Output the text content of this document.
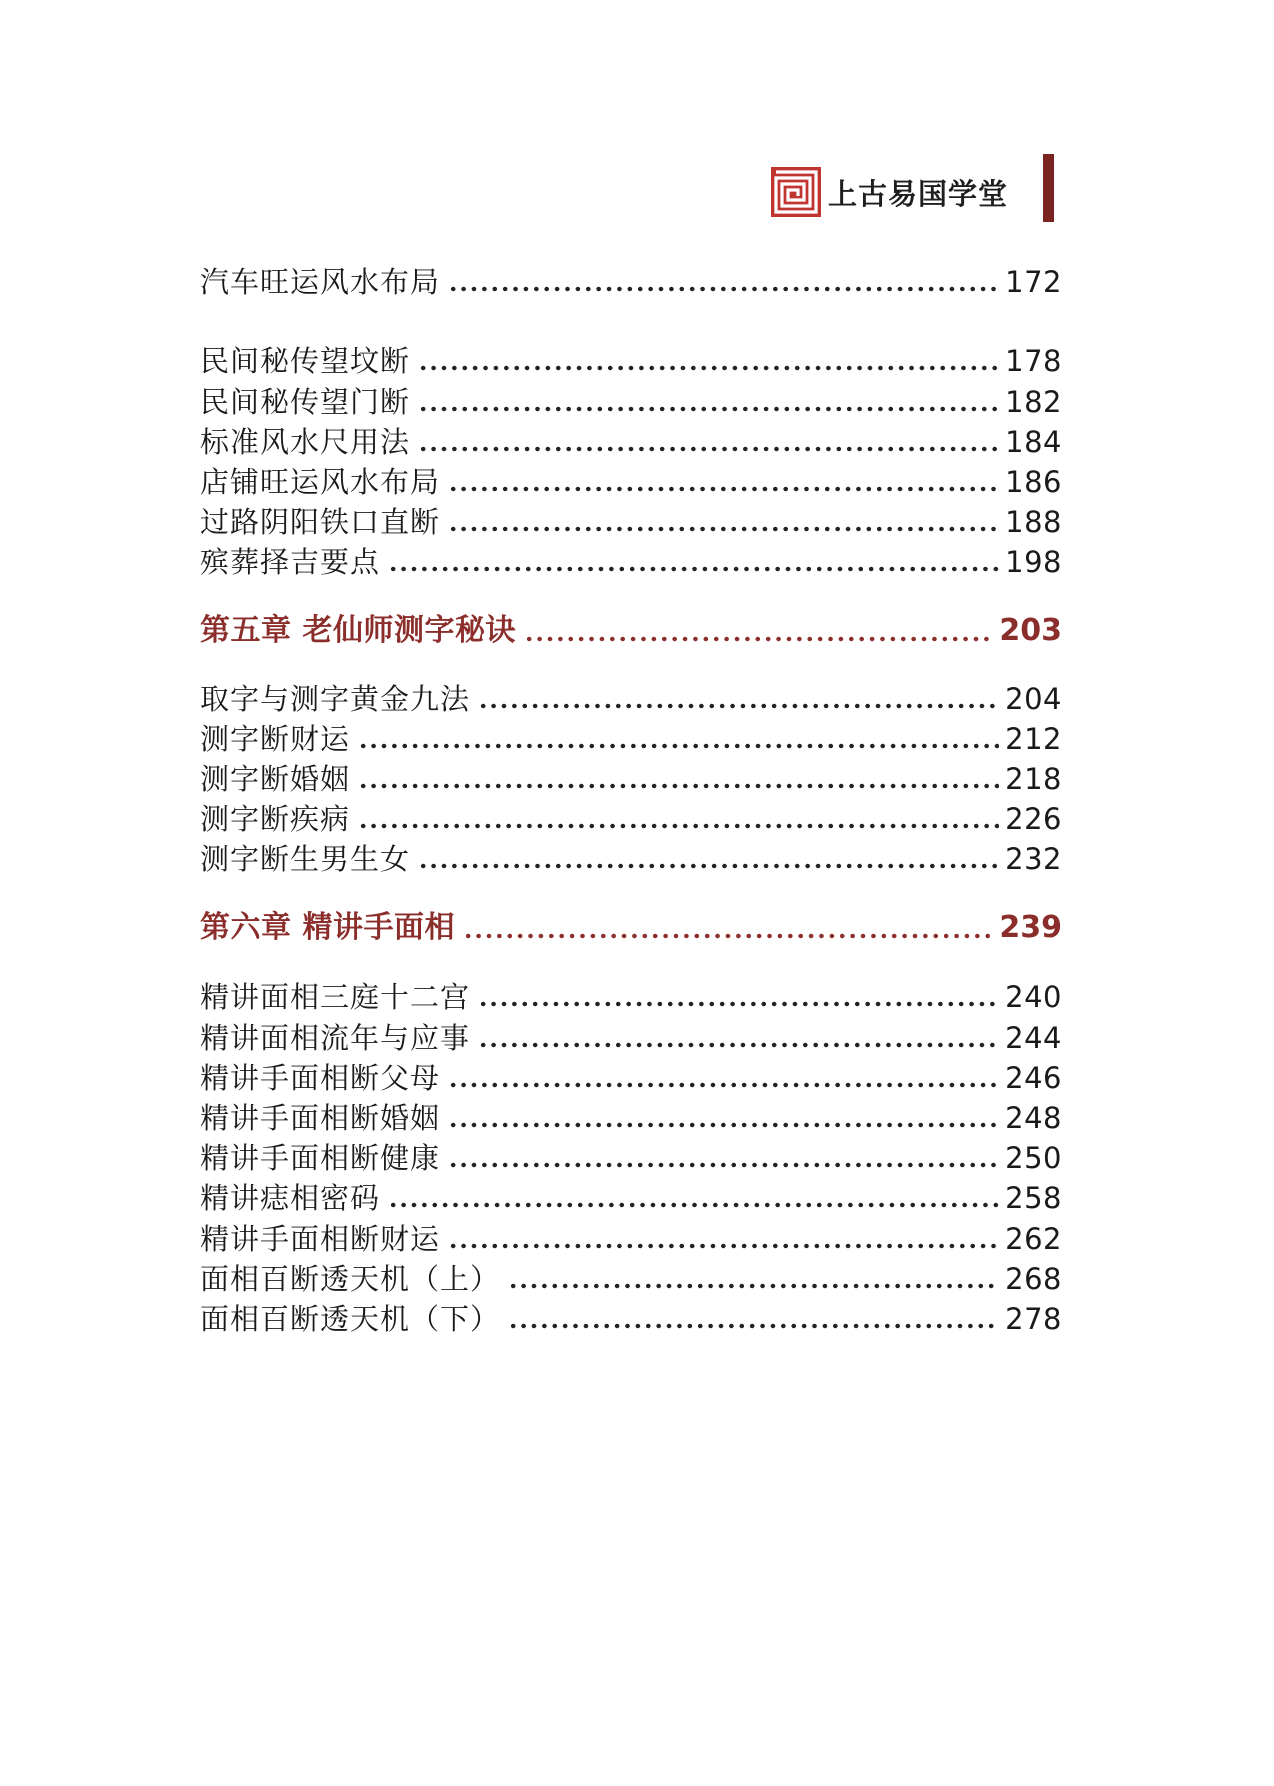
上古易国学堂
汽车旺运风水布局	172
民间秘传望坟断	178
民间秘传望门断	182
标准风水尺用法	184
店铺旺运风水布局	186
过路阴阳铁口直断	188
殡葬择吉要点	198
第五章 老仙师测字秘诀	203
取字与测字黄金九法	204
测字断财运	212
测字断婚姻	218
测字断疾病	226
测字断生男生女	232
第六章 精讲手面相	239
精讲面相三庭十二宫	240
精讲面相流年与应事	244
精讲手面相断父母	246
精讲手面相断婚姻	248
精讲手面相断健康	250
精讲痣相密码	258
精讲手面相断财运	262
面相百断透天机（上）	268
面相百断透天机（下）	278
